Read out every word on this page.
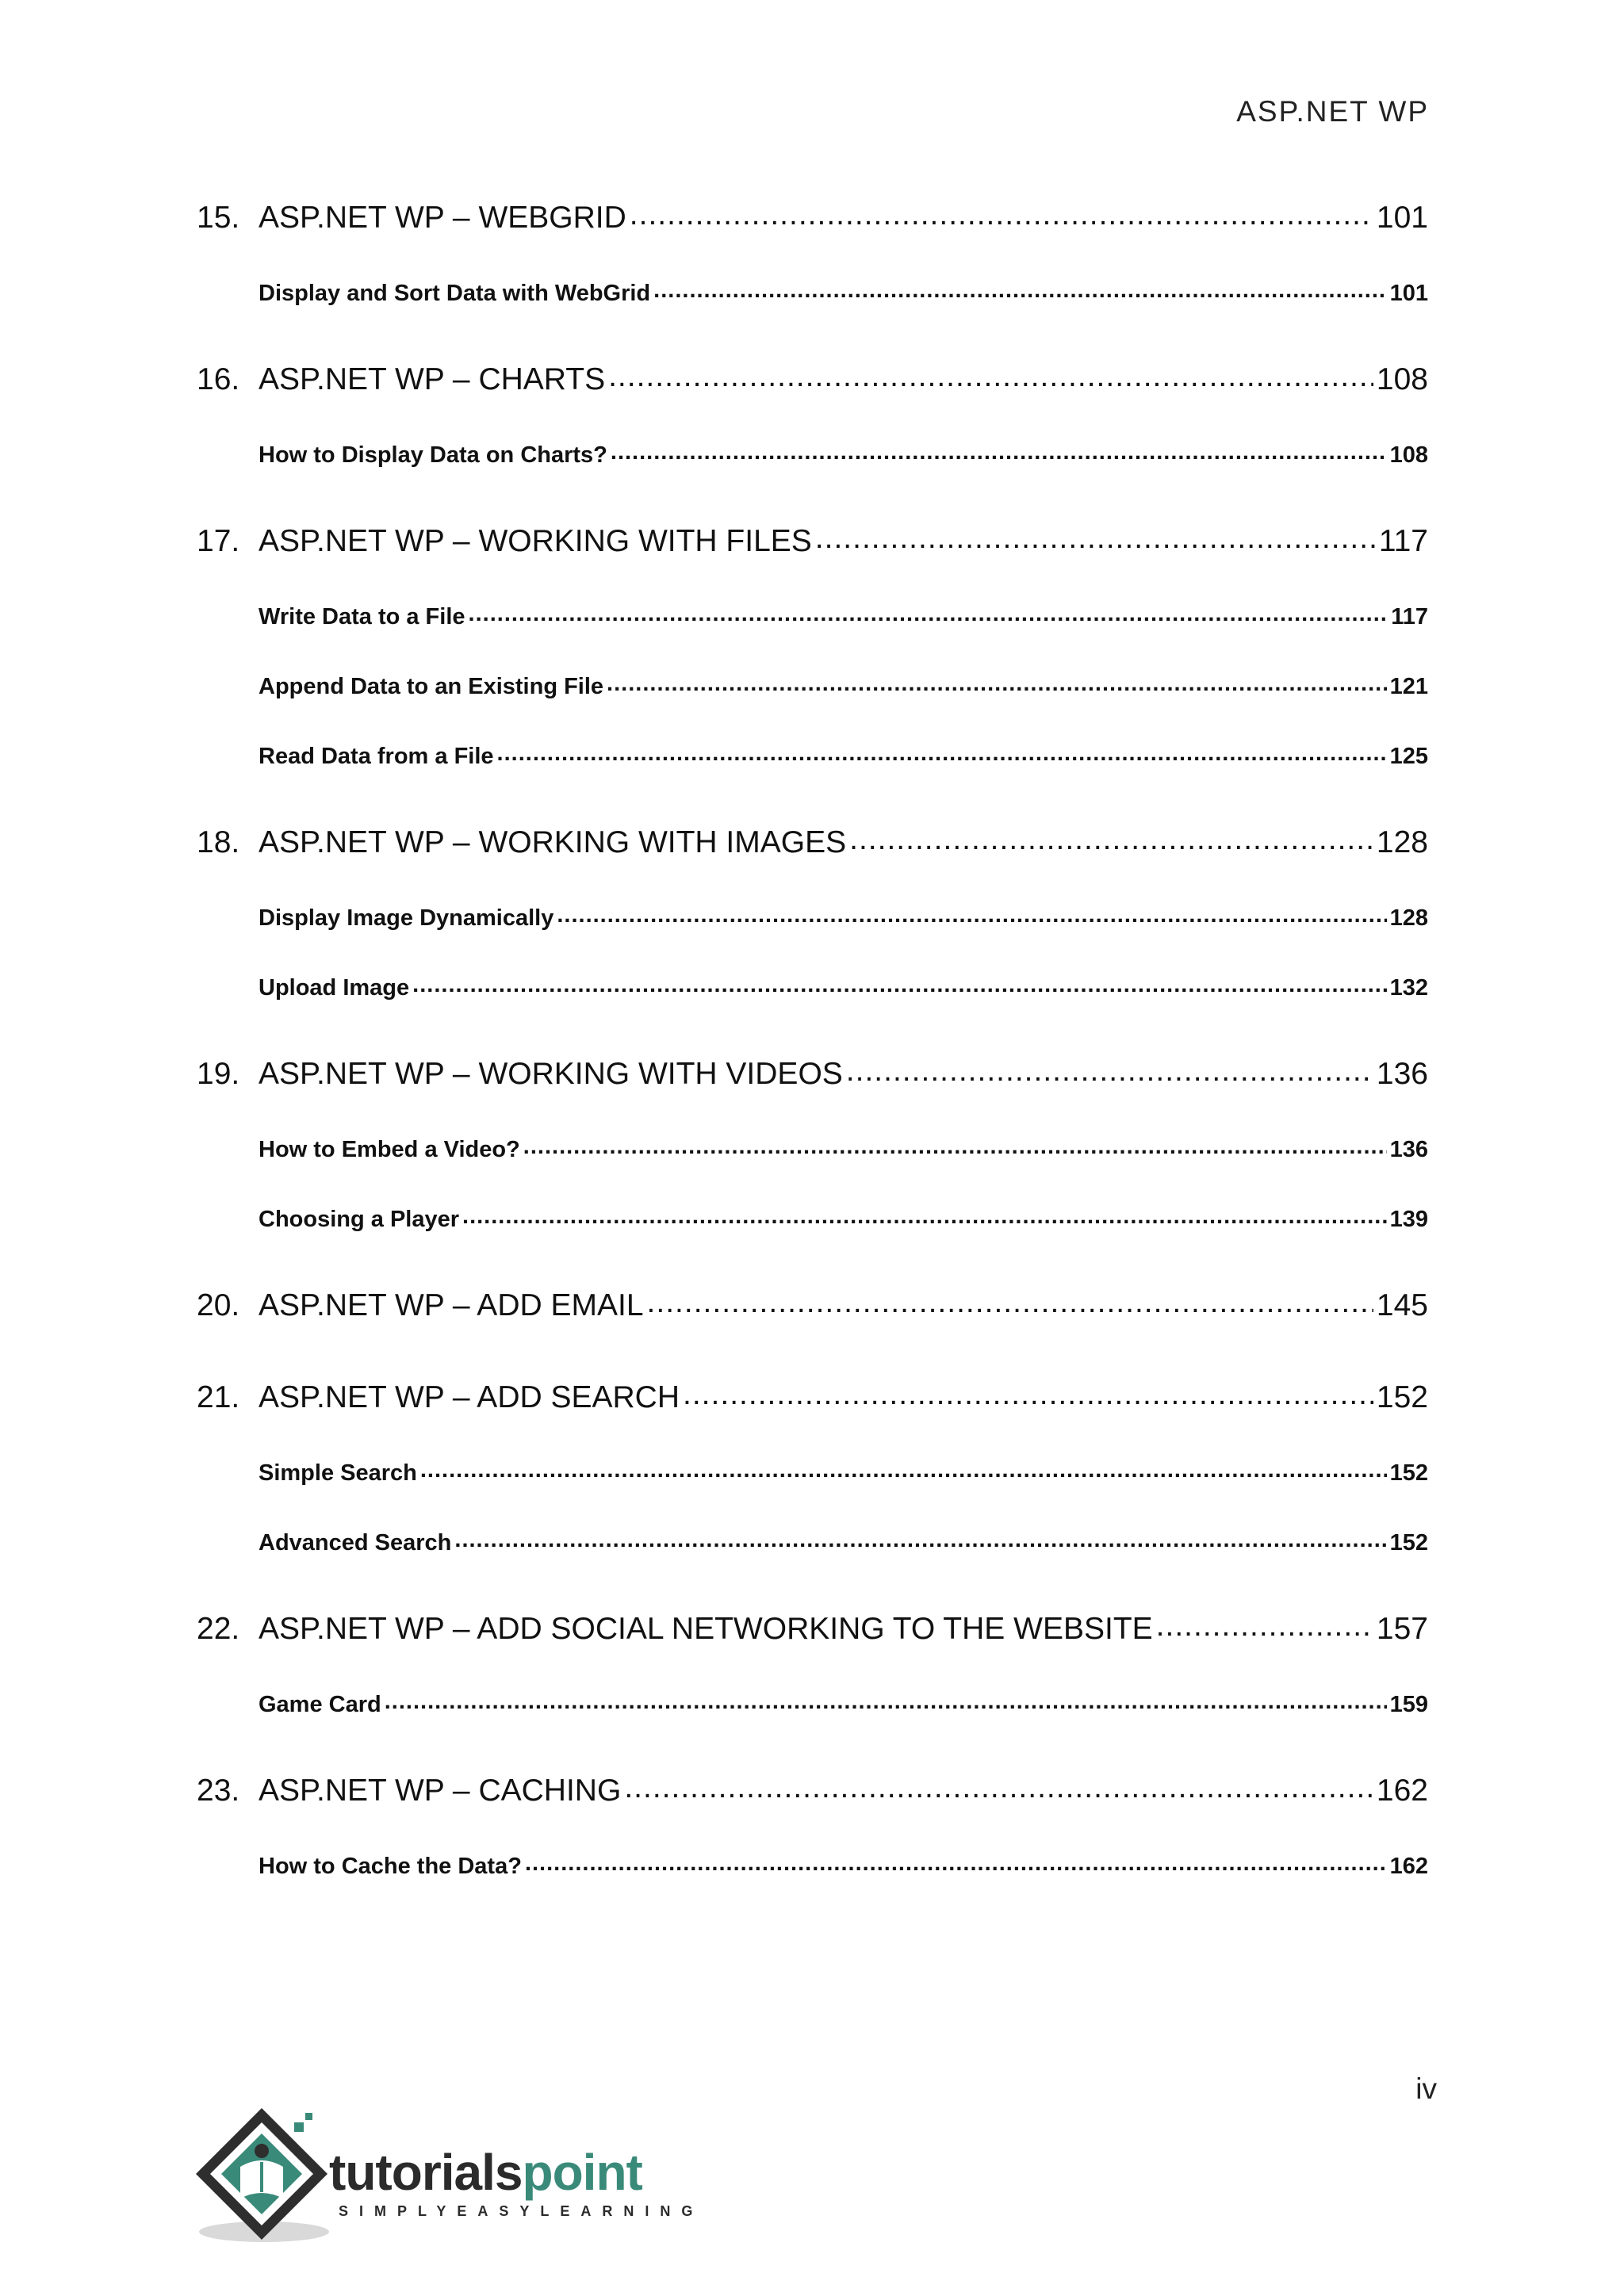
ASP.NET WP
15. ASP.NET WP – WEBGRID .....	101
Display and Sort Data with WebGrid .....	101
16. ASP.NET WP – CHARTS .....	108
How to Display Data on Charts? .....	108
17. ASP.NET WP – WORKING WITH FILES .....	117
Write Data to a File .....	117
Append Data to an Existing File .....	121
Read Data from a File .....	125
18. ASP.NET WP – WORKING WITH IMAGES .....	128
Display Image Dynamically .....	128
Upload Image .....	132
19. ASP.NET WP – WORKING WITH VIDEOS .....	136
How to Embed a Video? .....	136
Choosing a Player .....	139
20. ASP.NET WP – ADD EMAIL .....	145
21. ASP.NET WP – ADD SEARCH .....	152
Simple Search .....	152
Advanced Search .....	152
22. ASP.NET WP – ADD SOCIAL NETWORKING TO THE WEBSITE .....	157
Game Card .....	159
23. ASP.NET WP – CACHING .....	162
How to Cache the Data? .....	162
iv
tutorialspoint
SIMPLYEASYLEARNING
